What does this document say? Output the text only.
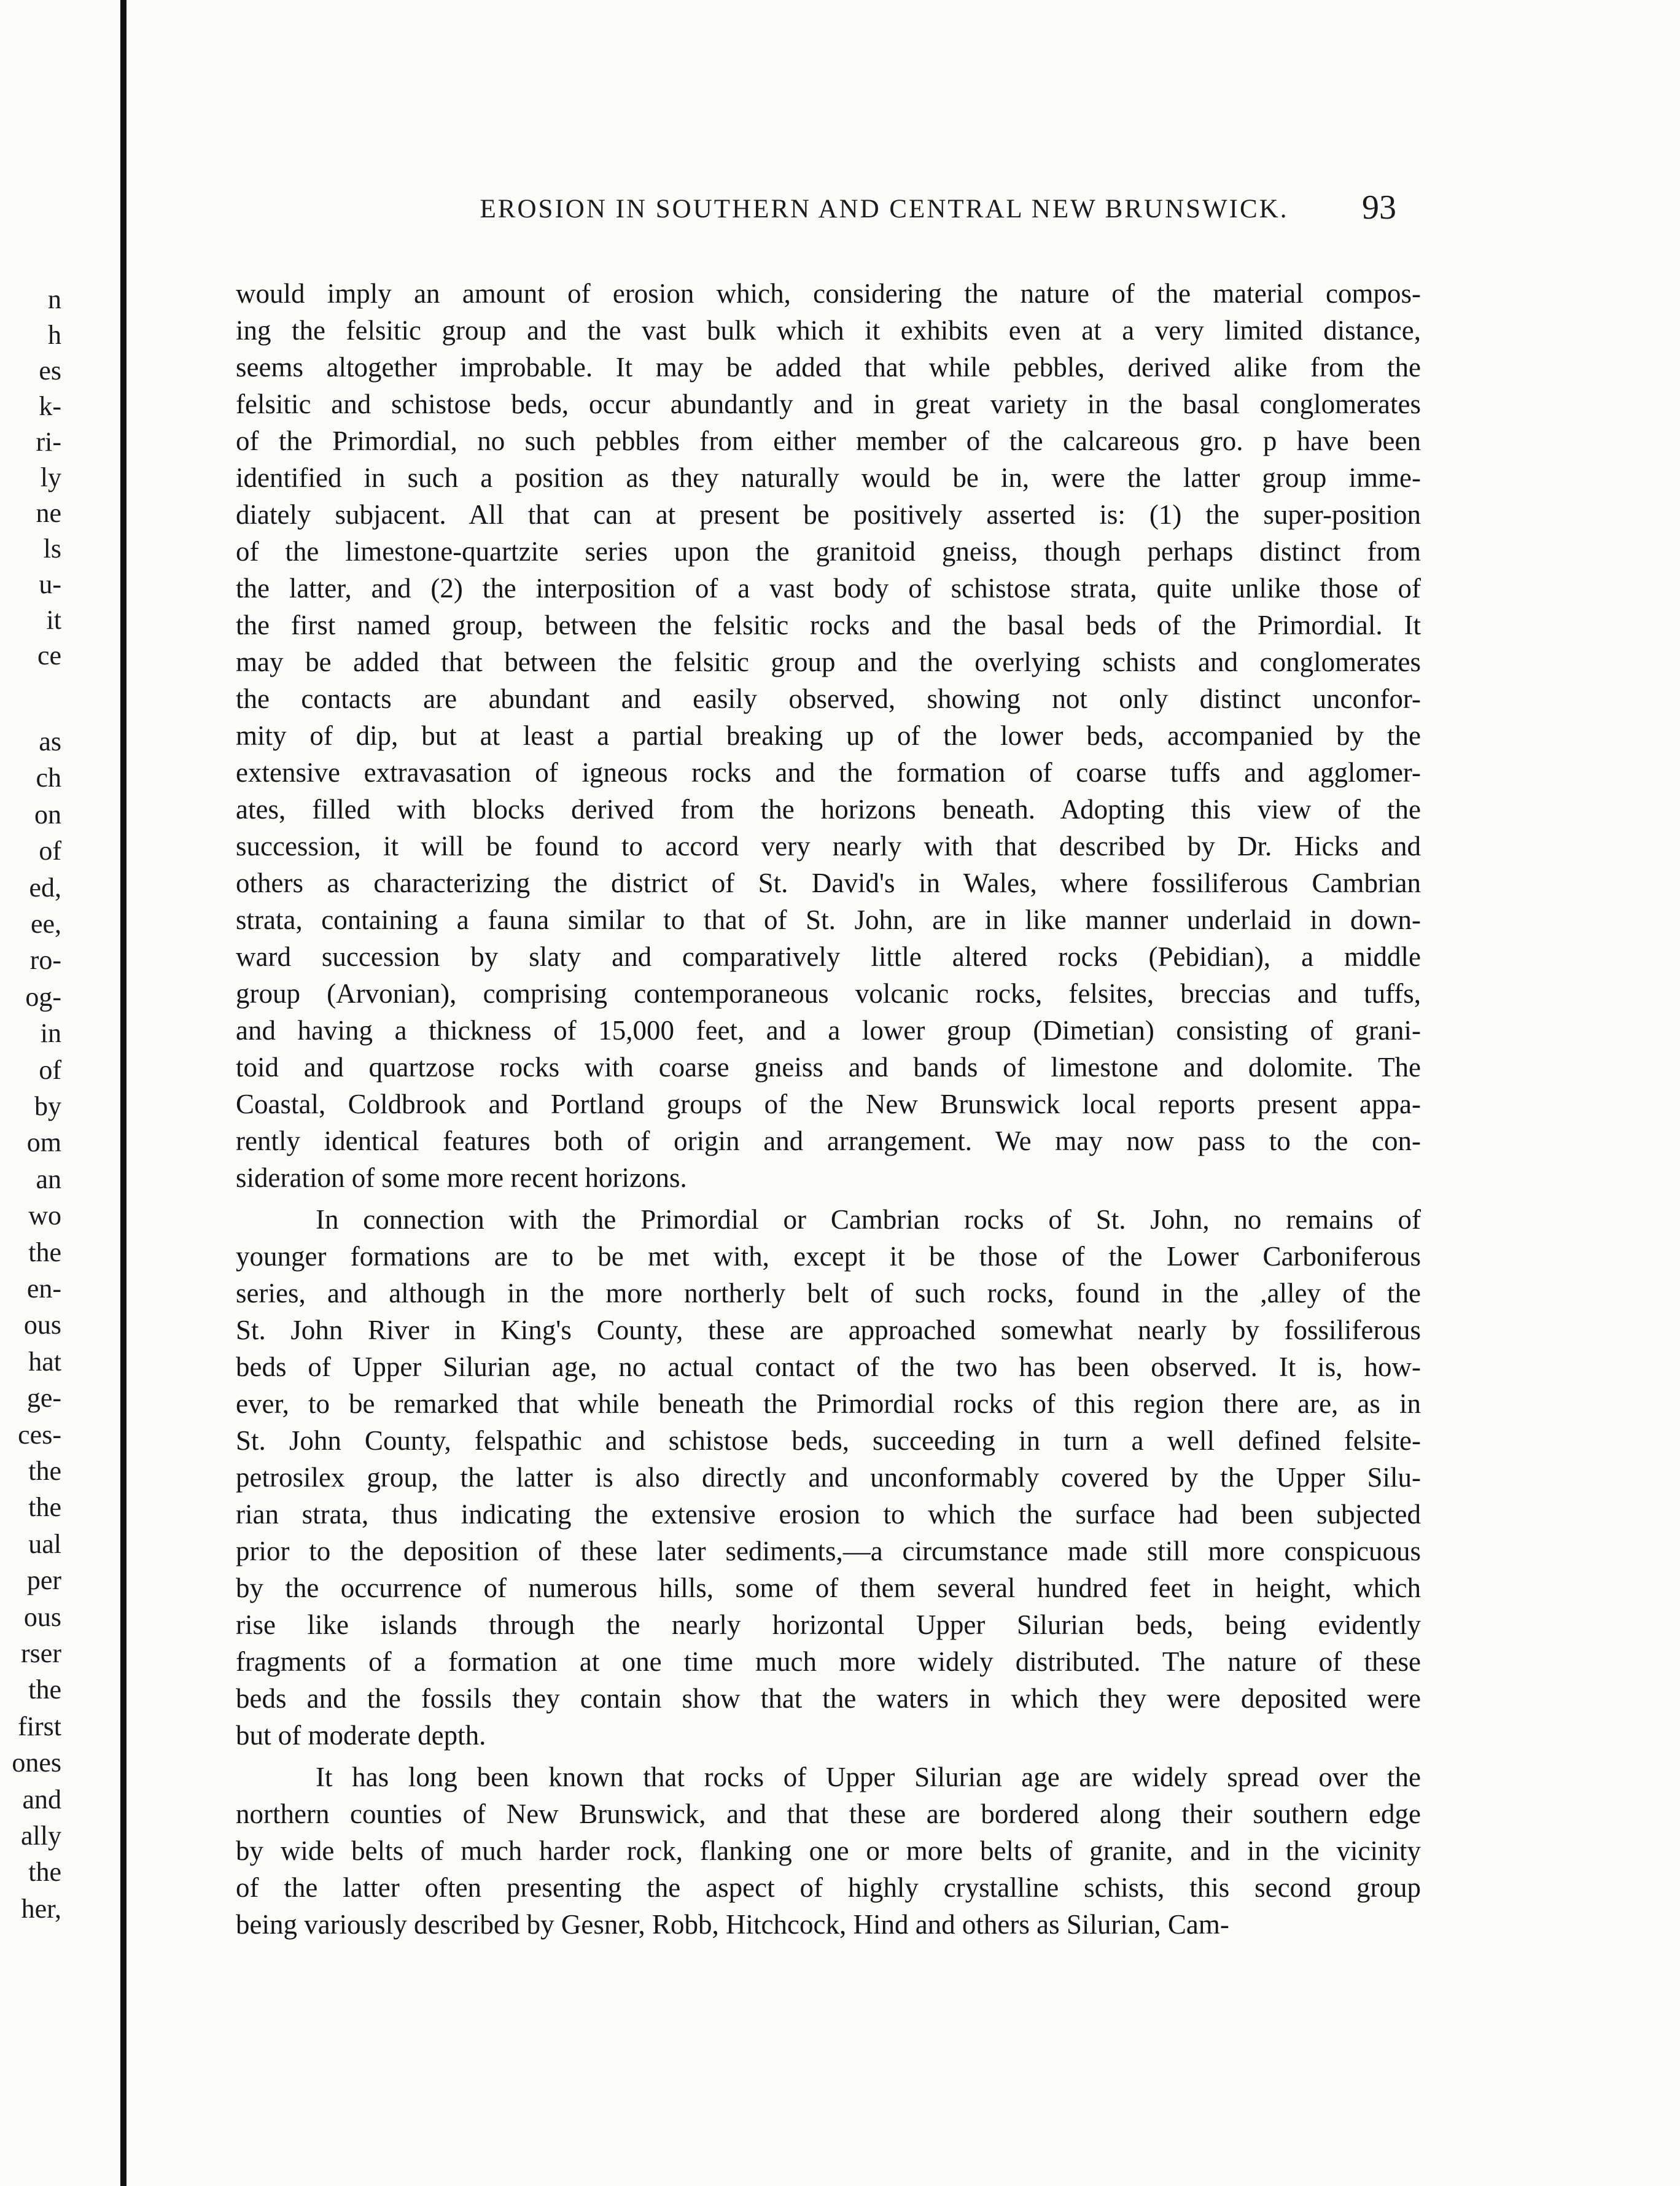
n
h
es
k-
ri-
ly
ne
ls
u-
it
ce
as
ch
on
of
ed,
ee,
ro-
og-
in
of
by
om
an
wo
the
en-
ous
hat
ge-
ces-
the
the
ual
per
ous
rser
the
first
ones
and
ally
the
her,
EROSION IN SOUTHERN AND CENTRAL NEW BRUNSWICK.	93
would imply an amount of erosion which, considering the nature of the material compos-
ing the felsitic group and the vast bulk which it exhibits even at a very limited distance,
seems altogether improbable. It may be added that while pebbles, derived alike from the
felsitic and schistose beds, occur abundantly and in great variety in the basal conglomerates
of the Primordial, no such pebbles from either member of the calcareous gro. p have been
identified in such a position as they naturally would be in, were the latter group imme-
diately subjacent. All that can at present be positively asserted is: (1) the super-position
of the limestone-quartzite series upon the granitoid gneiss, though perhaps distinct from
the latter, and (2) the interposition of a vast body of schistose strata, quite unlike those of
the first named group, between the felsitic rocks and the basal beds of the Primordial. It
may be added that between the felsitic group and the overlying schists and conglomerates
the contacts are abundant and easily observed, showing not only distinct unconfor-
mity of dip, but at least a partial breaking up of the lower beds, accompanied by the
extensive extravasation of igneous rocks and the formation of coarse tuffs and agglomer-
ates, filled with blocks derived from the horizons beneath. Adopting this view of the
succession, it will be found to accord very nearly with that described by Dr. Hicks and
others as characterizing the district of St. David's in Wales, where fossiliferous Cambrian
strata, containing a fauna similar to that of St. John, are in like manner underlaid in down-
ward succession by slaty and comparatively little altered rocks (Pebidian), a middle
group (Arvonian), comprising contemporaneous volcanic rocks, felsites, breccias and tuffs,
and having a thickness of 15,000 feet, and a lower group (Dimetian) consisting of grani-
toid and quartzose rocks with coarse gneiss and bands of limestone and dolomite. The
Coastal, Coldbrook and Portland groups of the New Brunswick local reports present appa-
rently identical features both of origin and arrangement. We may now pass to the con-
sideration of some more recent horizons.
In connection with the Primordial or Cambrian rocks of St. John, no remains of
younger formations are to be met with, except it be those of the Lower Carboniferous
series, and although in the more northerly belt of such rocks, found in the ,alley of the
St. John River in King's County, these are approached somewhat nearly by fossiliferous
beds of Upper Silurian age, no actual contact of the two has been observed. It is, how-
ever, to be remarked that while beneath the Primordial rocks of this region there are, as in
St. John County, felspathic and schistose beds, succeeding in turn a well defined felsite-
petrosilex group, the latter is also directly and unconformably covered by the Upper Silu-
rian strata, thus indicating the extensive erosion to which the surface had been subjected
prior to the deposition of these later sediments,—a circumstance made still more conspicuous
by the occurrence of numerous hills, some of them several hundred feet in height, which
rise like islands through the nearly horizontal Upper Silurian beds, being evidently
fragments of a formation at one time much more widely distributed. The nature of these
beds and the fossils they contain show that the waters in which they were deposited were
but of moderate depth.
It has long been known that rocks of Upper Silurian age are widely spread over the
northern counties of New Brunswick, and that these are bordered along their southern edge
by wide belts of much harder rock, flanking one or more belts of granite, and in the vicinity
of the latter often presenting the aspect of highly crystalline schists, this second group
being variously described by Gesner, Robb, Hitchcock, Hind and others as Silurian, Cam-
